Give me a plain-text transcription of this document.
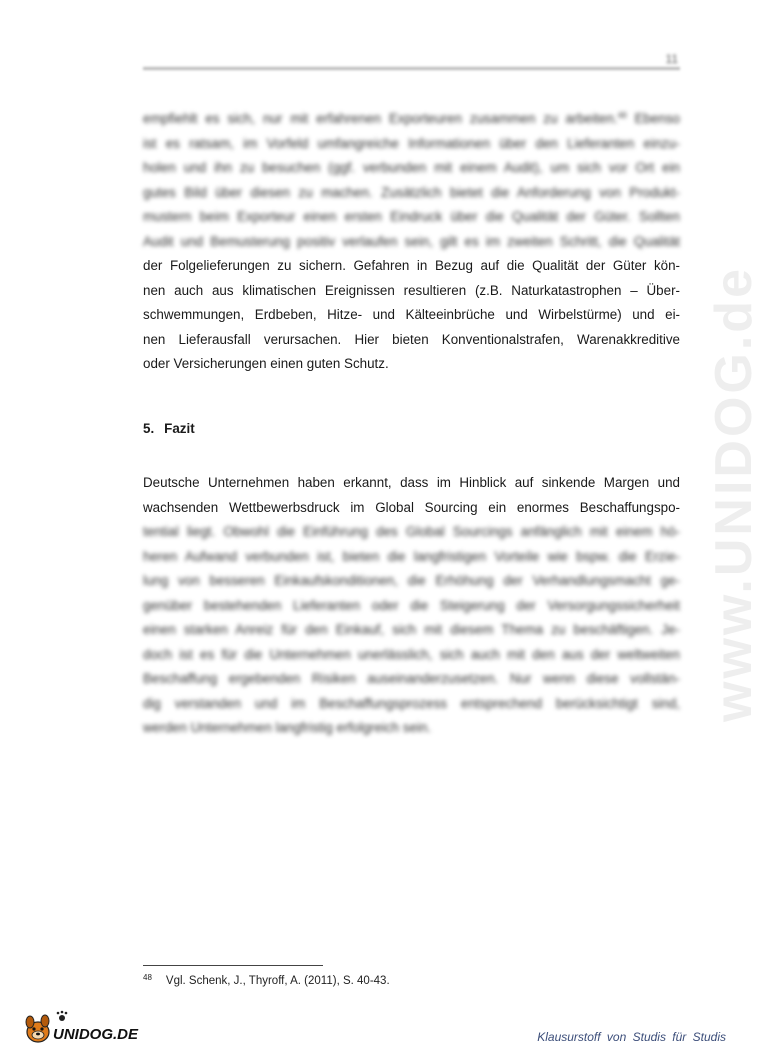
11
www.UNIDOG.de

empfiehlt es sich, nur mit erfahrenen Exporteuren zusammen zu arbeiten.$^{48}$ Ebenso
ist es ratsam, im Vorfeld umfangreiche Informationen über den Lieferanten einzu-
holen und ihn zu besuchen (ggf. verbunden mit einem Audit), um sich vor Ort ein
gutes Bild über diesen zu machen. Zusätzlich bietet die Anforderung von Produkt-
mustern beim Exporteur einen ersten Eindruck über die Qualität der Güter. Sollten
Audit und Bemusterung positiv verlaufen sein, gilt es im zweiten Schritt, die Qualität
der Folgelieferungen zu sichern. Gefahren in Bezug auf die Qualität der Güter kön-
nen auch aus klimatischen Ereignissen resultieren (z.B. Naturkatastrophen – Über-
schwemmungen, Erdbeben, Hitze- und Kälteeinbrüche und Wirbelstürme) und ei-
nen Lieferausfall verursachen. Hier bieten Konventionalstrafen, Warenakkreditive
oder Versicherungen einen guten Schutz.

5. Fazit

Deutsche Unternehmen haben erkannt, dass im Hinblick auf sinkende Margen und
wachsenden Wettbewerbsdruck im Global Sourcing ein enormes Beschaffungspo-
tential liegt. Obwohl die Einführung des Global Sourcings anfänglich mit einem hö-
heren Aufwand verbunden ist, bieten die langfristigen Vorteile wie bspw. die Erzie-
lung von besseren Einkaufskonditionen, die Erhöhung der Verhandlungsmacht ge-
genüber bestehenden Lieferanten oder die Steigerung der Versorgungssicherheit
einen starken Anreiz für den Einkauf, sich mit diesem Thema zu beschäftigen. Je-
doch ist es für die Unternehmen unerlässlich, sich auch mit den aus der weltweiten
Beschaffung ergebenden Risiken auseinanderzusetzen. Nur wenn diese vollstän-
dig verstanden und im Beschaffungsprozess entsprechend berücksichtigt sind,
werden Unternehmen langfristig erfolgreich sein.

$^{48}$ Vgl. Schenk, J., Thyroff, A. (2011), S. 40-43.
UNIDOG.DE	Klausurstoff von Studis für Studis
